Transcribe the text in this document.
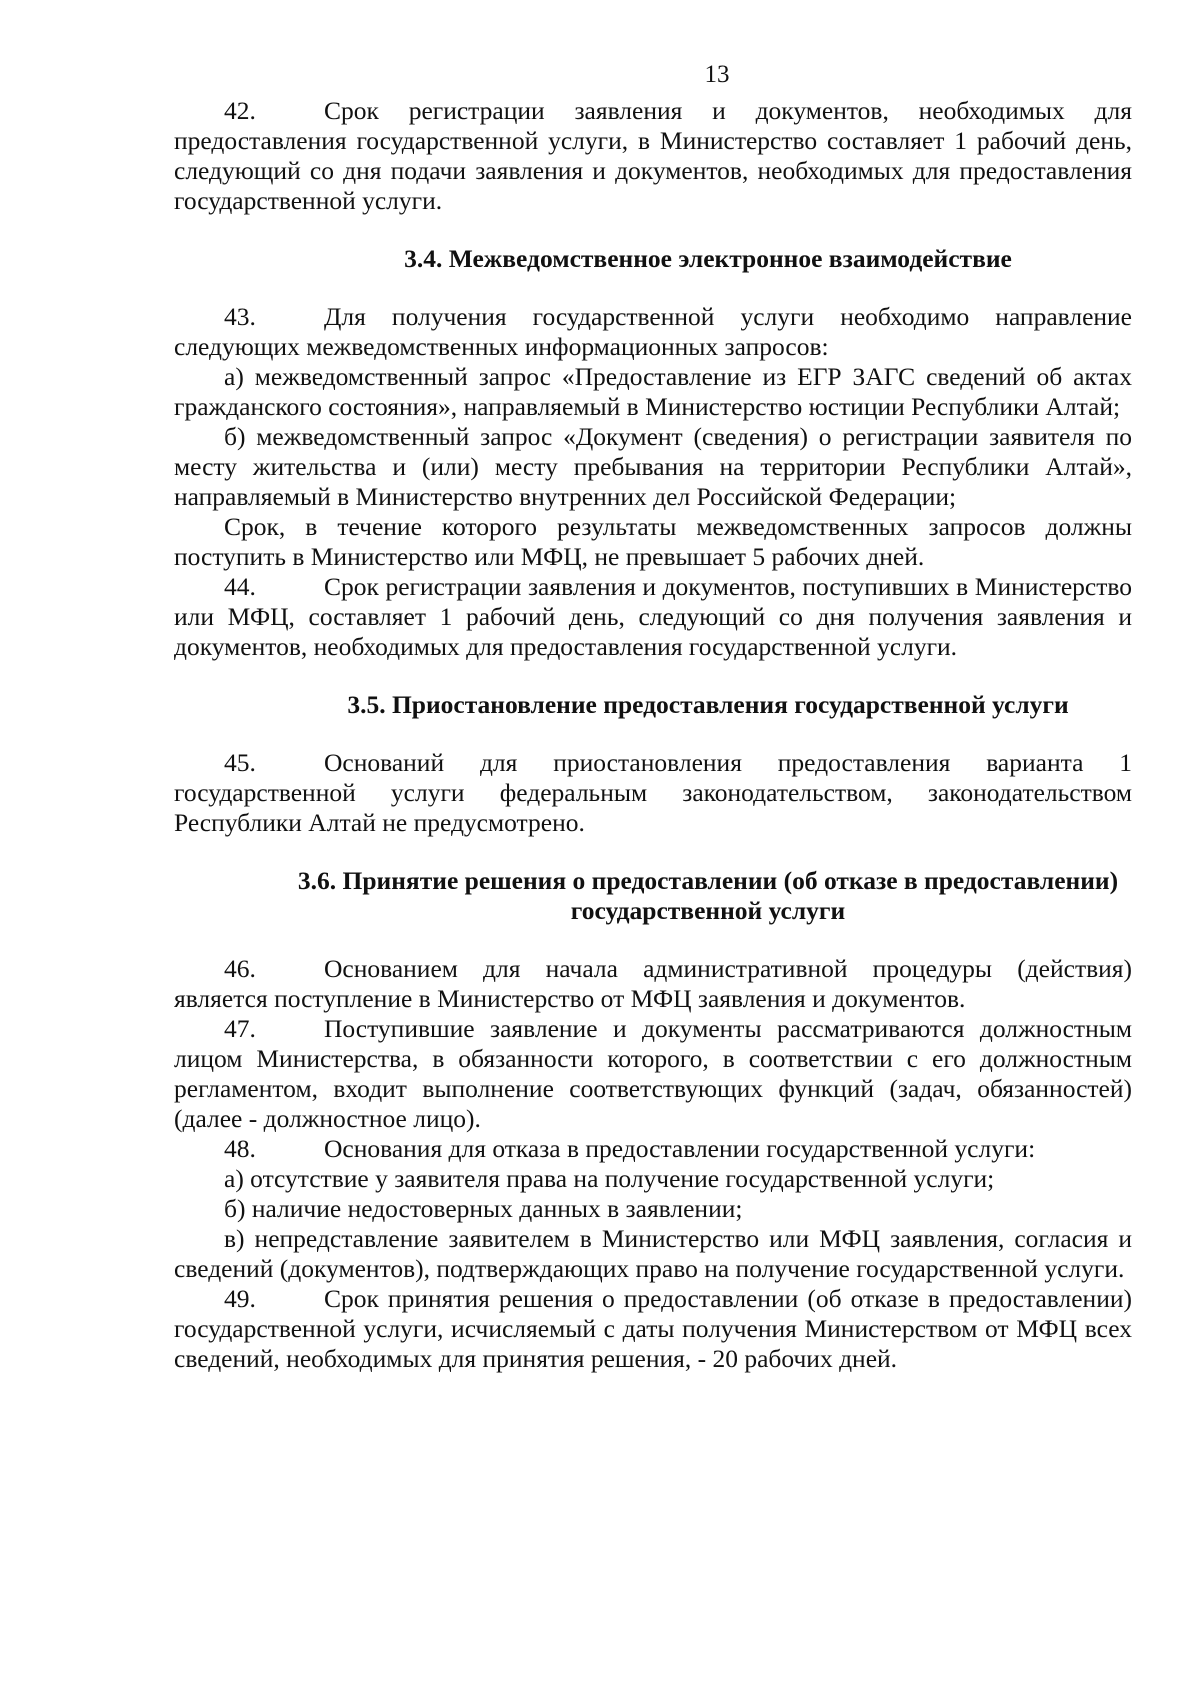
13

42.	Срок регистрации заявления и документов, необходимых для предоставления государственной услуги, в Министерство составляет 1 рабочий день, следующий со дня подачи заявления и документов, необходимых для предоставления государственной услуги.

3.4. Межведомственное электронное взаимодействие

43.	Для получения государственной услуги необходимо направление следующих межведомственных информационных запросов:

а) межведомственный запрос «Предоставление из ЕГР ЗАГС сведений об актах гражданского состояния», направляемый в Министерство юстиции Республики Алтай;

б) межведомственный запрос «Документ (сведения) о регистрации заявителя по месту жительства и (или) месту пребывания на территории Республики Алтай», направляемый в Министерство внутренних дел Российской Федерации;

Срок, в течение которого результаты межведомственных запросов должны поступить в Министерство или МФЦ, не превышает 5 рабочих дней.

44.	Срок регистрации заявления и документов, поступивших в Министерство или МФЦ, составляет 1 рабочий день, следующий со дня получения заявления и документов, необходимых для предоставления государственной услуги.

3.5. Приостановление предоставления государственной услуги

45.	Оснований для приостановления предоставления варианта 1 государственной услуги федеральным законодательством, законодательством Республики Алтай не предусмотрено.

3.6. Принятие решения о предоставлении (об отказе в предоставлении)
государственной услуги

46.	Основанием для начала административной процедуры (действия) является поступление в Министерство от МФЦ заявления и документов.

47.	Поступившие заявление и документы рассматриваются должностным лицом Министерства, в обязанности которого, в соответствии с его должностным регламентом, входит выполнение соответствующих функций (задач, обязанностей) (далее - должностное лицо).

48.	Основания для отказа в предоставлении государственной услуги:

а) отсутствие у заявителя права на получение государственной услуги;

б) наличие недостоверных данных в заявлении;

в) непредставление заявителем в Министерство или МФЦ заявления, согласия и сведений (документов), подтверждающих право на получение государственной услуги.

49.	Срок принятия решения о предоставлении (об отказе в предоставлении) государственной услуги, исчисляемый с даты получения Министерством от МФЦ всех сведений, необходимых для принятия решения, - 20 рабочих дней.
